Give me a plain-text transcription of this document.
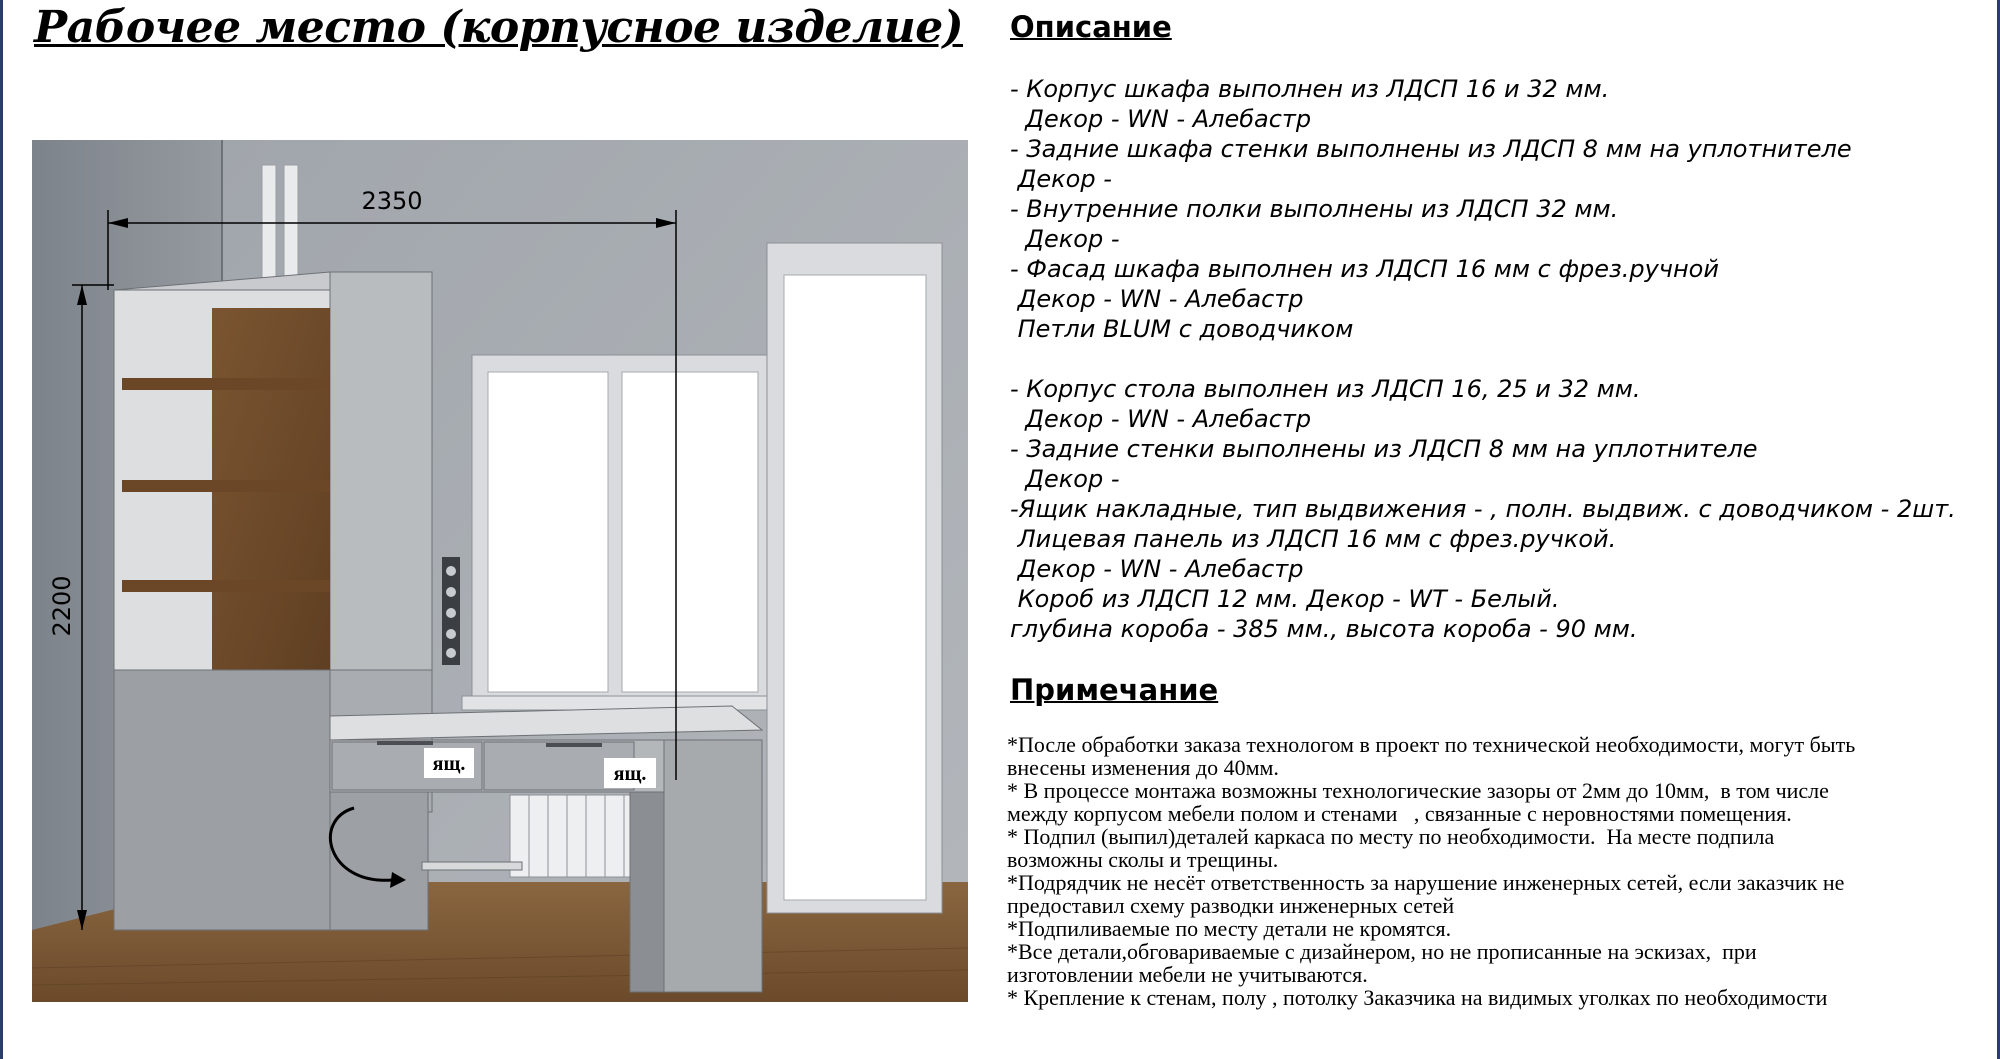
Рабочее место (корпусное изделие)
ящ.	ящ.
2350
2200
Описание
- Корпус шкафа выполнен из ЛДСП 16 и 32 мм.
Декор - WN - Алебастр
- Задние шкафа стенки выполнены из ЛДСП 8 мм на уплотнителе
Декор -
- Внутренние полки выполнены из ЛДСП 32 мм.
Декор -
- Фасад шкафа выполнен из ЛДСП 16 мм с фрез.ручной
Декор - WN - Алебастр
Петли BLUM с доводчиком
- Корпус стола выполнен из ЛДСП 16, 25 и 32 мм.
Декор - WN - Алебастр
- Задние стенки выполнены из ЛДСП 8 мм на уплотнителе
Декор -
-Ящик накладные, тип выдвижения - , полн. выдвиж. с доводчиком - 2шт.
Лицевая панель из ЛДСП 16 мм с фрез.ручкой.
Декор - WN - Алебастр
Короб из ЛДСП 12 мм. Декор - WT - Белый.
глубина короба - 385 мм., высота короба - 90 мм.
Примечание
*После обработки заказа технологом в проект по технической необходимости, могут быть
внесены изменения до 40мм.
* В процессе монтажа возможны технологические зазоры от 2мм до 10мм,  в том числе
между корпусом мебели полом и стенами   , связанные с неровностями помещения.
* Подпил (выпил)деталей каркаса по месту по необходимости.  На месте подпила
возможны сколы и трещины.
*Подрядчик не несёт ответственность за нарушение инженерных сетей, если заказчик не
предоставил схему разводки инженерных сетей
*Подпиливаемые по месту детали не кромятся.
*Все детали,обговариваемые с дизайнером, но не прописанные на эскизах,  при
изготовлении мебели не учитываются.
* Крепление к стенам, полу , потолку Заказчика на видимых уголках по необходимости
